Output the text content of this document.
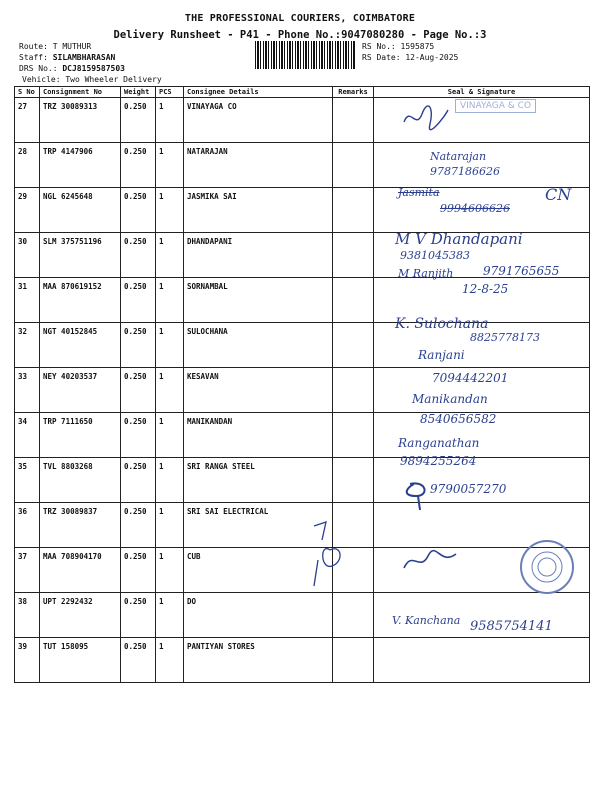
THE PROFESSIONAL COURIERS, COIMBATORE
Delivery Runsheet - P41 - Phone No.:9047080280 - Page No.:3
Route: T MUTHUR
Staff: SILAMBHARASAN
DRS No.: DCJ8159587503
Vehicle: Two Wheeler Delivery
RS No.: 1595875
RS Date: 12-Aug-2025
S No	Consignment No	Weight	PCS	Consignee Details	Remarks	Seal & Signature
27	TRZ 30089313	0.250	1	VINAYAGA CO		
28	TRP 4147906	0.250	1	NATARAJAN		
29	NGL 6245648	0.250	1	JASMIKA SAI		
30	SLM 375751196	0.250	1	DHANDAPANI		
31	MAA 870619152	0.250	1	SORNAMBAL		
32	NGT 40152845	0.250	1	SULOCHANA		
33	NEY 40203537	0.250	1	KESAVAN		
34	TRP 7111650	0.250	1	MANIKANDAN		
35	TVL 8803268	0.250	1	SRI RANGA STEEL		
36	TRZ 30089837	0.250	1	SRI SAI ELECTRICAL		
37	MAA 708904170	0.250	1	CUB		
38	UPT 2292432	0.250	1	DO		
39	TUT 158095	0.250	1	PANTIYAN STORES		
VINAYAGA & CO
Natarajan
9787186626
Jasmita
9994606626
CN
M V Dhandapani
9381045383
M Ranjith 9791765655
12-8-25
K. Sulochana
8825778173
Ranjani
7094442201
Manikandan
8540656582
Ranganathan
9894255264
9790057270
V. Kanchana 9585754141
